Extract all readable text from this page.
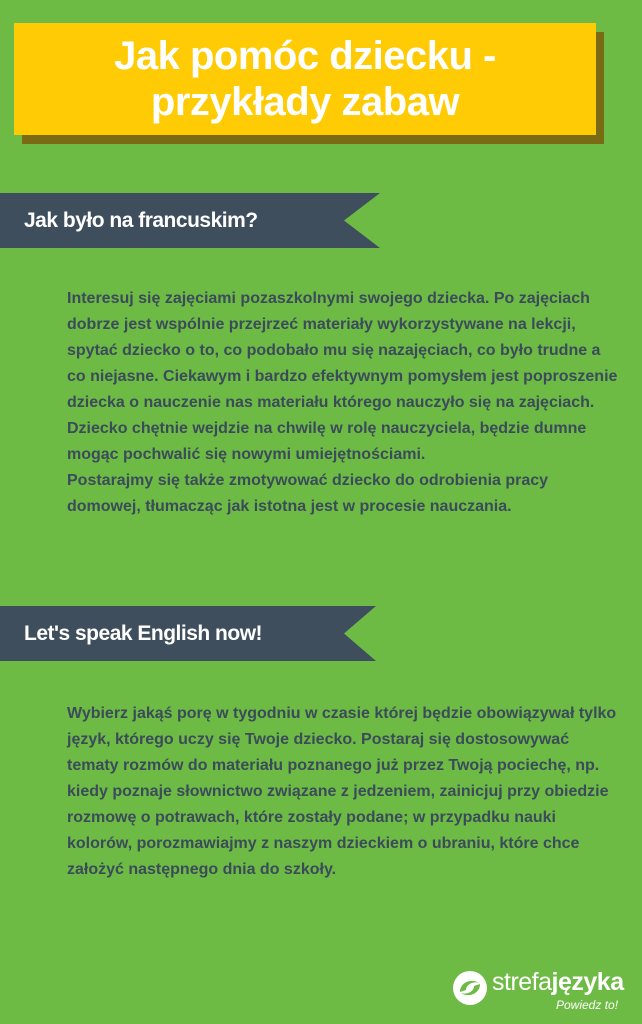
Jak pomóc dziecku -
przykłady zabaw
Jak było na francuskim?

Interesuj się zajęciami pozaszkolnymi swojego dziecka. Po zajęciach dobrze jest wspólnie przejrzeć materiały wykorzystywane na lekcji, spytać dziecko o to, co podobało mu się nazajęciach, co było trudne a co niejasne. Ciekawym i bardzo efektywnym pomysłem jest poproszenie dziecka o nauczenie nas materiału którego nauczyło się na zajęciach. Dziecko chętnie wejdzie na chwilę w rolę nauczyciela, będzie dumne mogąc pochwalić się nowymi umiejętnościami.

Postarajmy się także zmotywować dziecko do odrobienia pracy domowej, tłumacząc jak istotna jest w procesie nauczania.

Let's speak English now!

Wybierz jakąś porę w tygodniu w czasie której będzie obowiązywał tylko język, którego uczy się Twoje dziecko. Postaraj się dostosowywać tematy rozmów do materiału poznanego już przez Twoją pociechę, np. kiedy poznaje słownictwo związane z jedzeniem, zainicjuj przy obiedzie rozmowę o potrawach, które zostały podane; w przypadku nauki kolorów, porozmawiajmy z naszym dzieckiem o ubraniu, które chce założyć następnego dnia do szkoły.

strefajęzyka
Powiedz to!
